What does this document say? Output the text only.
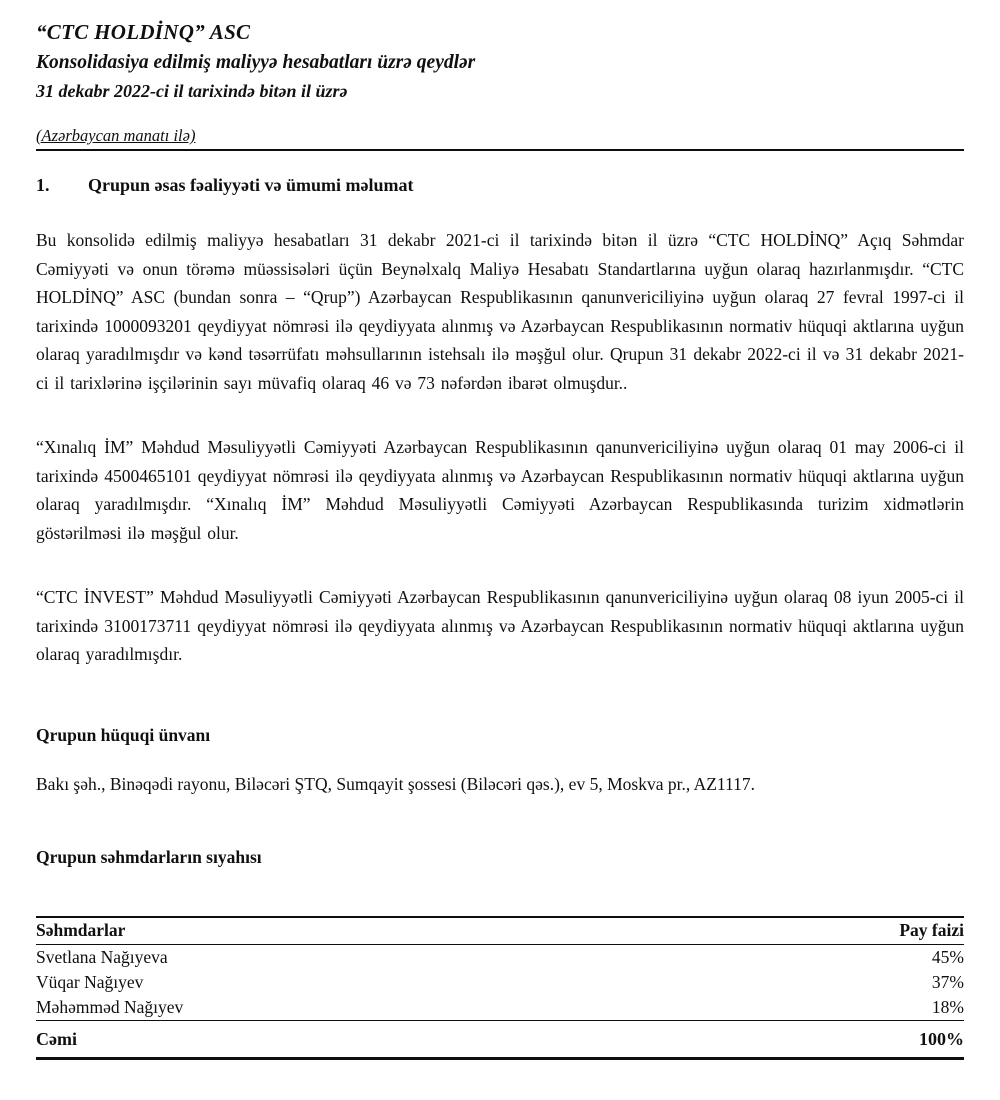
“CTC HOLDİNQ” ASC
Konsolidasiya edilmiş maliyyə hesabatları üzrə qeydlər
31 dekabr 2022-ci il tarixində bitən il üzrə
(Azərbaycan manatı ilə)
1.	Qrupun əsas fəaliyyəti və ümumi məlumat

Bu konsolidə edilmiş maliyyə hesabatları 31 dekabr 2021-ci il tarixində bitən il üzrə “CTC HOLDİNQ” Açıq Səhmdar Cəmiyyəti və onun törəmə müəssisələri üçün Beynəlxalq Maliyə Hesabatı Standartlarına uyğun olaraq hazırlanmışdır. “CTC HOLDİNQ” ASC (bundan sonra – “Qrup”) Azərbaycan Respublikasının qanunvericiliyinə uyğun olaraq 27 fevral 1997-ci il tarixində 1000093201 qeydiyyat nömrəsi ilə qeydiyyata alınmış və Azərbaycan Respublikasının normativ hüquqi aktlarına uyğun olaraq yaradılmışdır və kənd təsərrüfatı məhsullarının istehsalı ilə məşğul olur. Qrupun 31 dekabr 2022-ci il və 31 dekabr 2021-ci il tarixlərinə işçilərinin sayı müvafiq olaraq 46 və 73 nəfərdən ibarət olmuşdur..

“Xınalıq İM” Məhdud Məsuliyyətli Cəmiyyəti Azərbaycan Respublikasının qanunvericiliyinə uyğun olaraq 01 may 2006-ci il tarixində 4500465101 qeydiyyat nömrəsi ilə qeydiyyata alınmış və Azərbaycan Respublikasının normativ hüquqi aktlarına uyğun olaraq yaradılmışdır. “Xınalıq İM” Məhdud Məsuliyyətli Cəmiyyəti Azərbaycan Respublikasında turizim xidmətlərin göstərilməsi ilə məşğul olur.

“CTC İNVEST” Məhdud Məsuliyyətli Cəmiyyəti Azərbaycan Respublikasının qanunvericiliyinə uyğun olaraq 08 iyun 2005-ci il tarixində 3100173711 qeydiyyat nömrəsi ilə qeydiyyata alınmış və Azərbaycan Respublikasının normativ hüquqi aktlarına uyğun olaraq yaradılmışdır.

Qrupun hüquqi ünvanı

Bakı şəh., Binəqədi rayonu, Biləcəri ŞTQ, Sumqayit şossesi (Biləcəri qəs.), ev 5, Moskva pr., AZ1117.

Qrupun səhmdarların sıyahısı
Səhmdarlar	Pay faizi
Svetlana Nağıyeva	45%
Vüqar Nağıyev	37%
Məhəmməd Nağıyev	18%
Cəmi	100%
